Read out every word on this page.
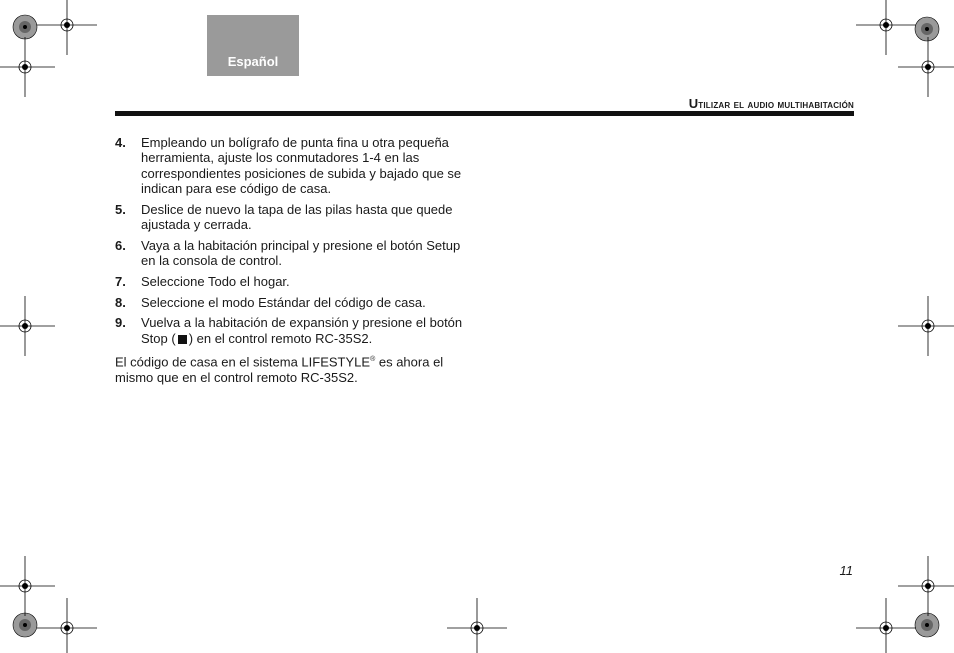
Español
Utilizar el audio multihabitación
4. Empleando un bolígrafo de punta fina u otra pequeña herramienta, ajuste los conmutadores 1-4 en las correspondientes posiciones de subida y bajado que se indican para ese código de casa.
5. Deslice de nuevo la tapa de las pilas hasta que quede ajustada y cerrada.
6. Vaya a la habitación principal y presione el botón Setup en la consola de control.
7. Seleccione Todo el hogar.
8. Seleccione el modo Estándar del código de casa.
9. Vuelva a la habitación de expansión y presione el botón Stop ( ) en el control remoto RC-35S2.
El código de casa en el sistema LIFESTYLE® es ahora el mismo que en el control remoto RC-35S2.
11
